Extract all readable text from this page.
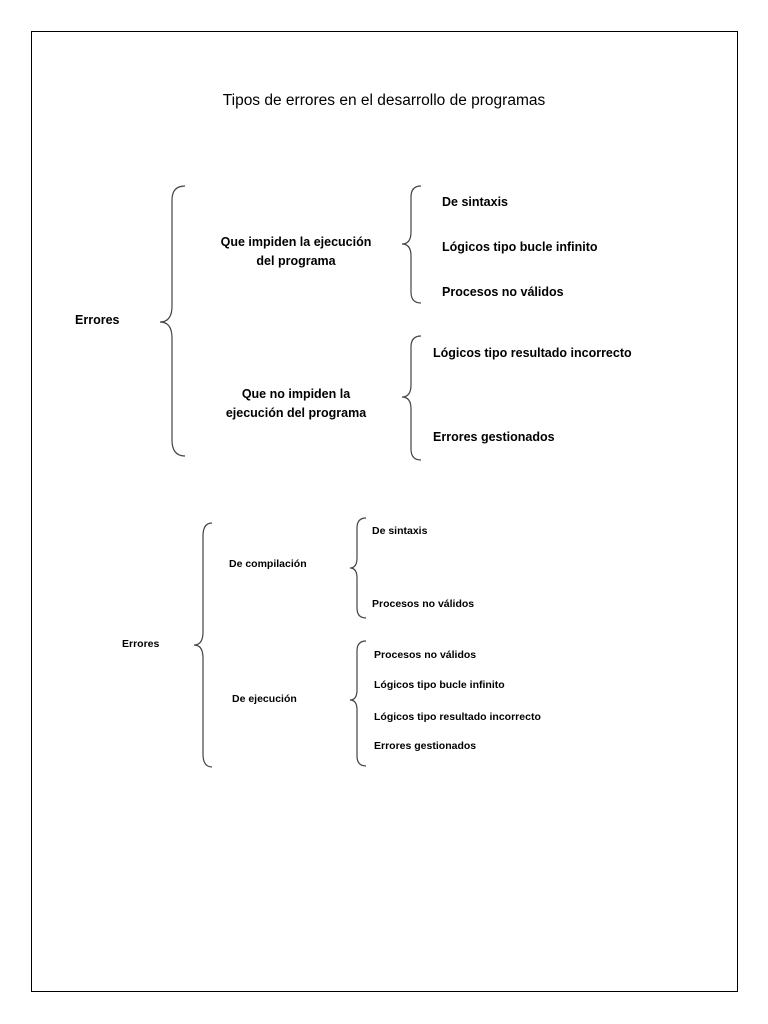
Tipos de errores en el desarrollo de programas
Errores
Que impiden la ejecución
del programa
De sintaxis
Lógicos tipo bucle infinito
Procesos no válidos
Que no impiden la
ejecución del programa
Lógicos tipo resultado incorrecto
Errores gestionados
Errores
De compilación
De sintaxis
Procesos no válidos
De ejecución
Procesos no válidos
Lógicos tipo bucle infinito
Lógicos tipo resultado incorrecto
Errores gestionados
